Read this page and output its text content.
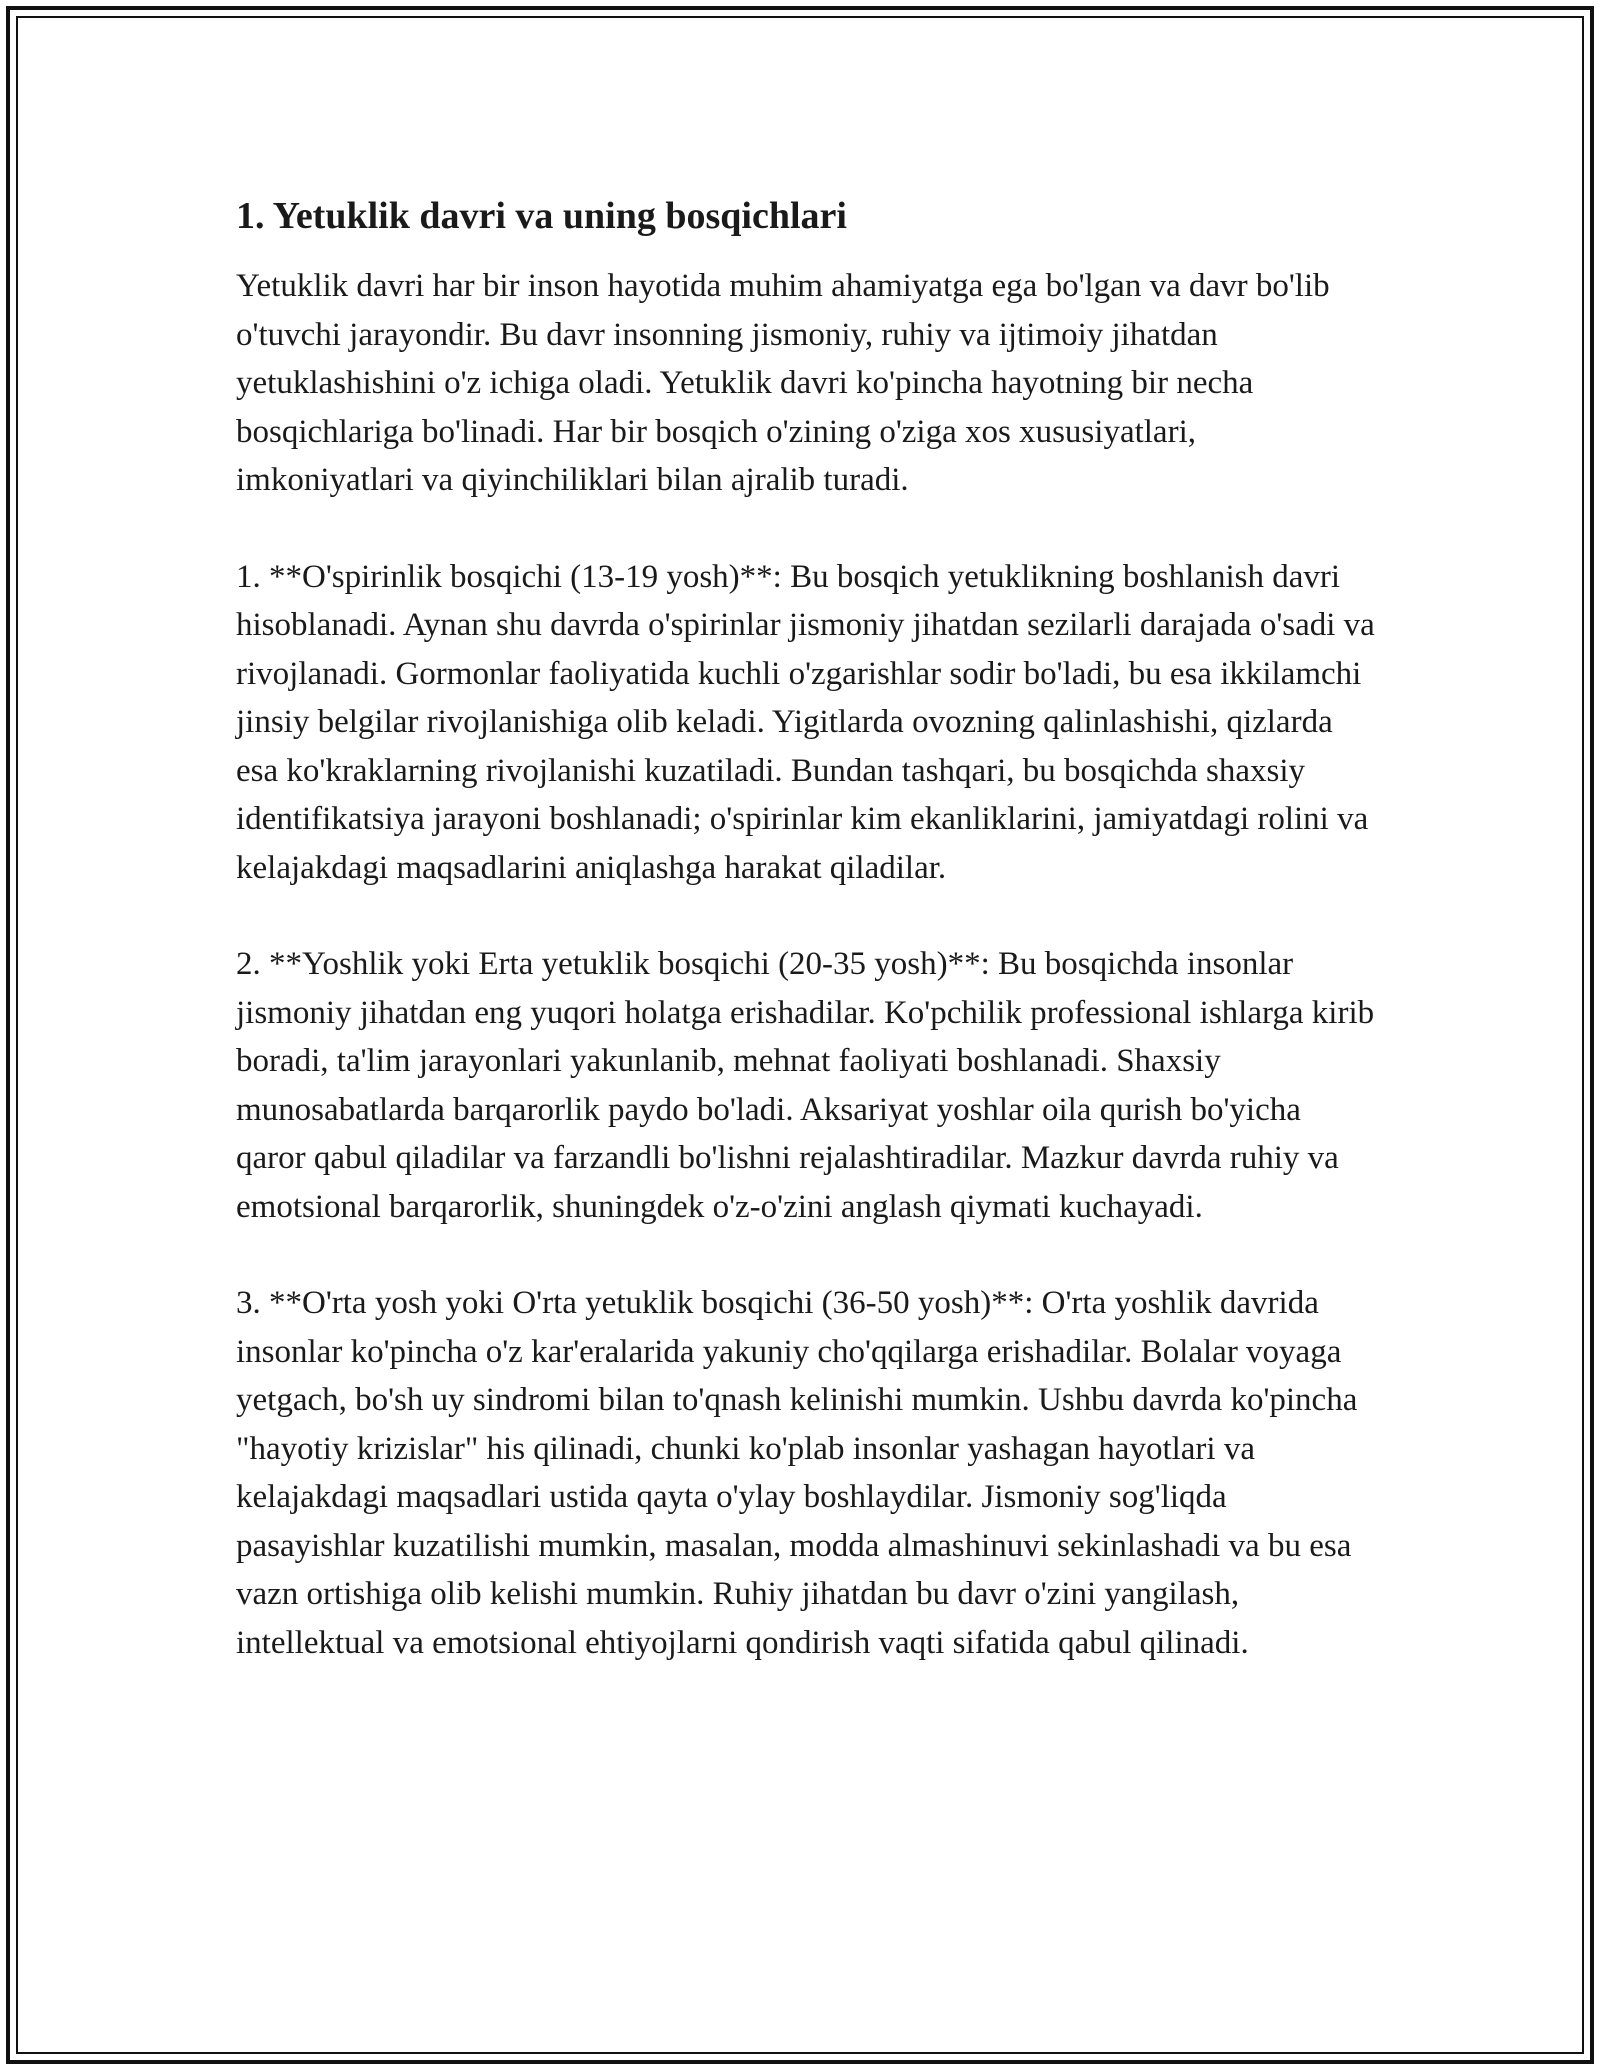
1. Yetuklik davri va uning bosqichlari

Yetuklik davri har bir inson hayotida muhim ahamiyatga ega bo'lgan va davr bo'lib o'tuvchi jarayondir. Bu davr insonning jismoniy, ruhiy va ijtimoiy jihatdan yetuklashishini o'z ichiga oladi. Yetuklik davri ko'pincha hayotning bir necha bosqichlariga bo'linadi. Har bir bosqich o'zining o'ziga xos xususiyatlari, imkoniyatlari va qiyinchiliklari bilan ajralib turadi.

1. **O'spirinlik bosqichi (13-19 yosh)**: Bu bosqich yetuklikning boshlanish davri hisoblanadi. Aynan shu davrda o'spirinlar jismoniy jihatdan sezilarli darajada o'sadi va rivojlanadi. Gormonlar faoliyatida kuchli o'zgarishlar sodir bo'ladi, bu esa ikkilamchi jinsiy belgilar rivojlanishiga olib keladi. Yigitlarda ovozning qalinlashishi, qizlarda esa ko'kraklarning rivojlanishi kuzatiladi. Bundan tashqari, bu bosqichda shaxsiy identifikatsiya jarayoni boshlanadi; o'spirinlar kim ekanliklarini, jamiyatdagi rolini va kelajakdagi maqsadlarini aniqlashga harakat qiladilar.

2. **Yoshlik yoki Erta yetuklik bosqichi (20-35 yosh)**: Bu bosqichda insonlar jismoniy jihatdan eng yuqori holatga erishadilar. Ko'pchilik professional ishlarga kirib boradi, ta'lim jarayonlari yakunlanib, mehnat faoliyati boshlanadi. Shaxsiy munosabatlarda barqarorlik paydo bo'ladi. Aksariyat yoshlar oila qurish bo'yicha qaror qabul qiladilar va farzandli bo'lishni rejalashtiradilar. Mazkur davrda ruhiy va emotsional barqarorlik, shuningdek o'z-o'zini anglash qiymati kuchayadi.

3. **O'rta yosh yoki O'rta yetuklik bosqichi (36-50 yosh)**: O'rta yoshlik davrida insonlar ko'pincha o'z kar'eralarida yakuniy cho'qqilarga erishadilar. Bolalar voyaga yetgach, bo'sh uy sindromi bilan to'qnash kelinishi mumkin. Ushbu davrda ko'pincha "hayotiy krizislar" his qilinadi, chunki ko'plab insonlar yashagan hayotlari va kelajakdagi maqsadlari ustida qayta o'ylay boshlaydilar. Jismoniy sog'liqda pasayishlar kuzatilishi mumkin, masalan, modda almashinuvi sekinlashadi va bu esa vazn ortishiga olib kelishi mumkin. Ruhiy jihatdan bu davr o'zini yangilash, intellektual va emotsional ehtiyojlarni qondirish vaqti sifatida qabul qilinadi.
